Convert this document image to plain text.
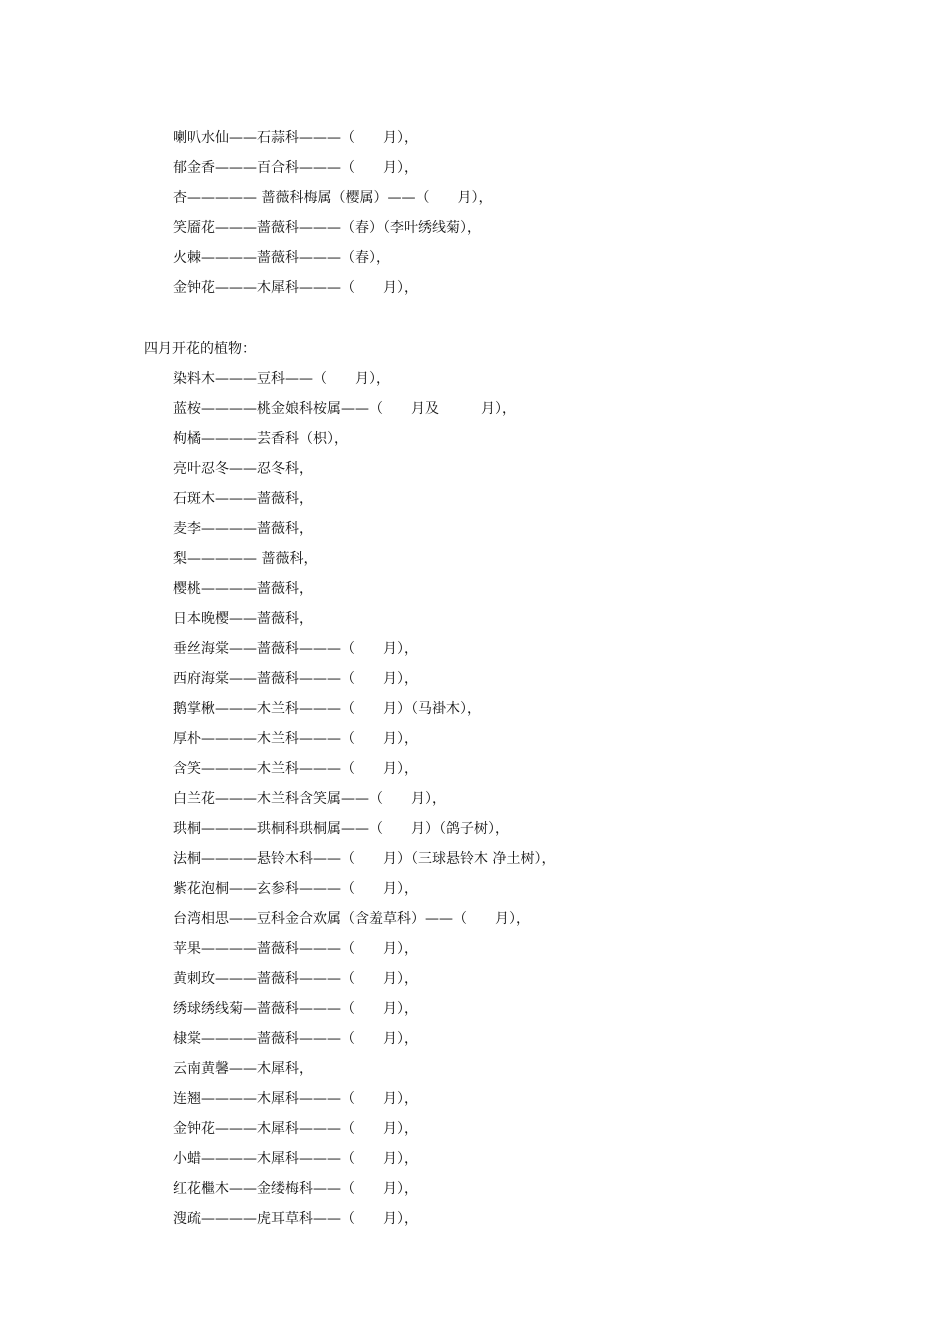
喇叭水仙——石蒜科———（　　月），
郁金香———百合科———（　　月），
杏————— 蔷薇科梅属（樱属）——（　　月），
笑靥花———蔷薇科———（春）（李叶绣线菊），
火棘————蔷薇科———（春），
金钟花———木犀科———（　　月），
四月开花的植物：
染料木———豆科——（　　月），
蓝桉————桃金娘科桉属——（　　月及　　　月），
枸橘————芸香科（枳），
亮叶忍冬——忍冬科，
石斑木———蔷薇科，
麦李————蔷薇科，
梨————— 蔷薇科，
樱桃————蔷薇科，
日本晚樱——蔷薇科，
垂丝海棠——蔷薇科———（　　月），
西府海棠——蔷薇科———（　　月），
鹅掌楸———木兰科———（　　月）（马褂木），
厚朴————木兰科———（　　月），
含笑————木兰科———（　　月），
白兰花———木兰科含笑属——（　　月），
珙桐————珙桐科珙桐属——（　　月）（鸽子树），
法桐————悬铃木科——（　　月）（三球悬铃木 净土树），
紫花泡桐——玄参科———（　　月），
台湾相思——豆科金合欢属（含羞草科）——（　　月），
苹果————蔷薇科———（　　月），
黄刺玫———蔷薇科———（　　月），
绣球绣线菊—蔷薇科———（　　月），
棣棠————蔷薇科———（　　月），
云南黄馨——木犀科，
连翘————木犀科———（　　月），
金钟花———木犀科———（　　月），
小蜡————木犀科———（　　月），
红花檵木——金缕梅科——（　　月），
溲疏————虎耳草科——（　　月），
